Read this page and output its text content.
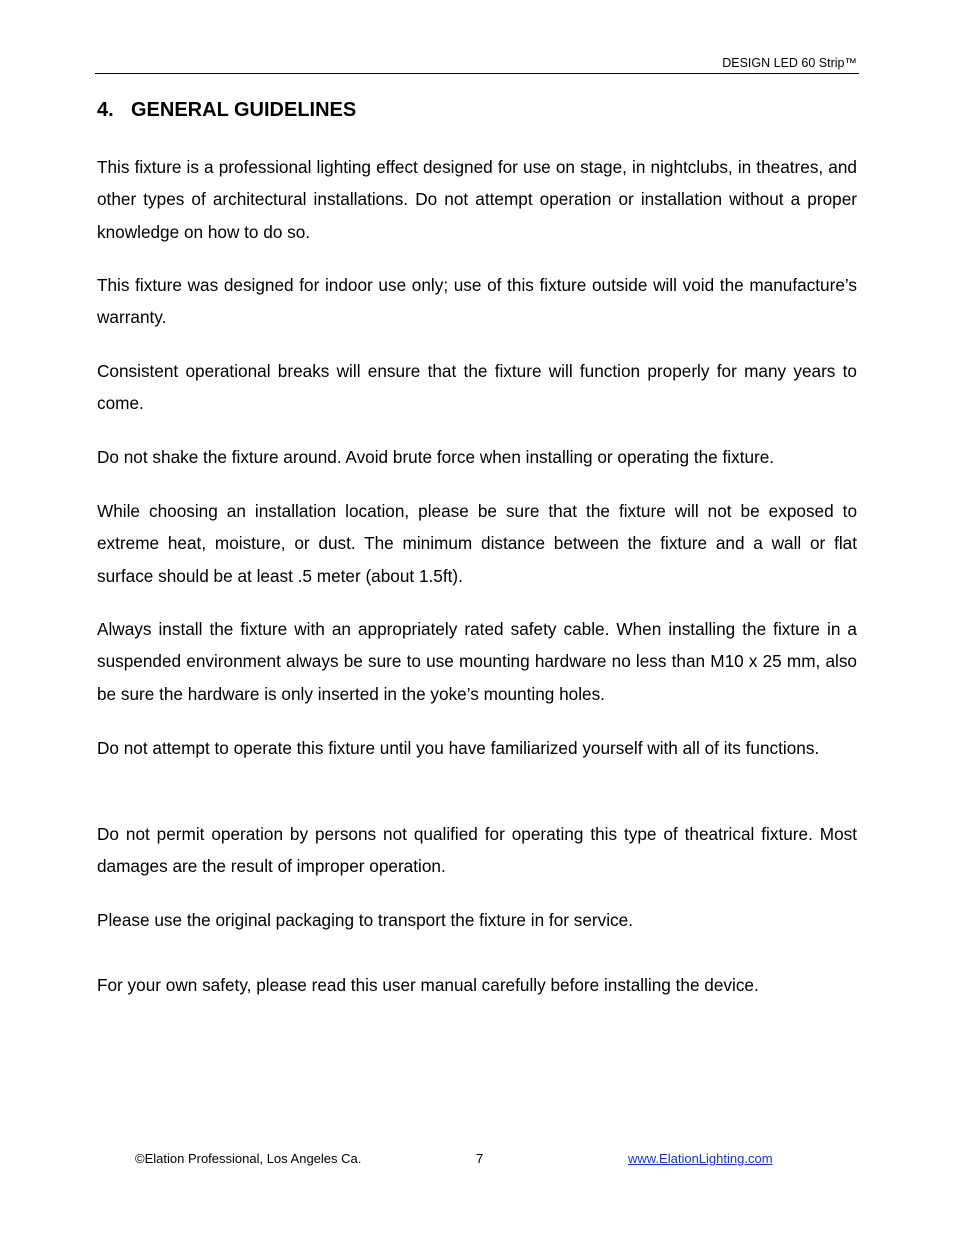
DESIGN LED 60 Strip™
4. GENERAL GUIDELINES

This fixture is a professional lighting effect designed for use on stage, in nightclubs, in theatres, and other types of architectural installations. Do not attempt operation or installation without a proper knowledge on how to do so.

This fixture was designed for indoor use only; use of this fixture outside will void the manufacture’s warranty.

Consistent operational breaks will ensure that the fixture will function properly for many years to come.

Do not shake the fixture around. Avoid brute force when installing or operating the fixture.

While choosing an installation location, please be sure that the fixture will not be exposed to extreme heat, moisture, or dust. The minimum distance between the fixture and a wall or flat surface should be at least .5 meter (about 1.5ft).

Always install the fixture with an appropriately rated safety cable. When installing the fixture in a suspended environment always be sure to use mounting hardware no less than M10 x 25 mm, also be sure the hardware is only inserted in the yoke’s mounting holes.

Do not attempt to operate this fixture until you have familiarized yourself with all of its functions.

Do not permit operation by persons not qualified for operating this type of theatrical fixture. Most damages are the result of improper operation.

Please use the original packaging to transport the fixture in for service.

For your own safety, please read this user manual carefully before installing the device.

©Elation Professional, Los Angeles Ca.	7	www.ElationLighting.com
